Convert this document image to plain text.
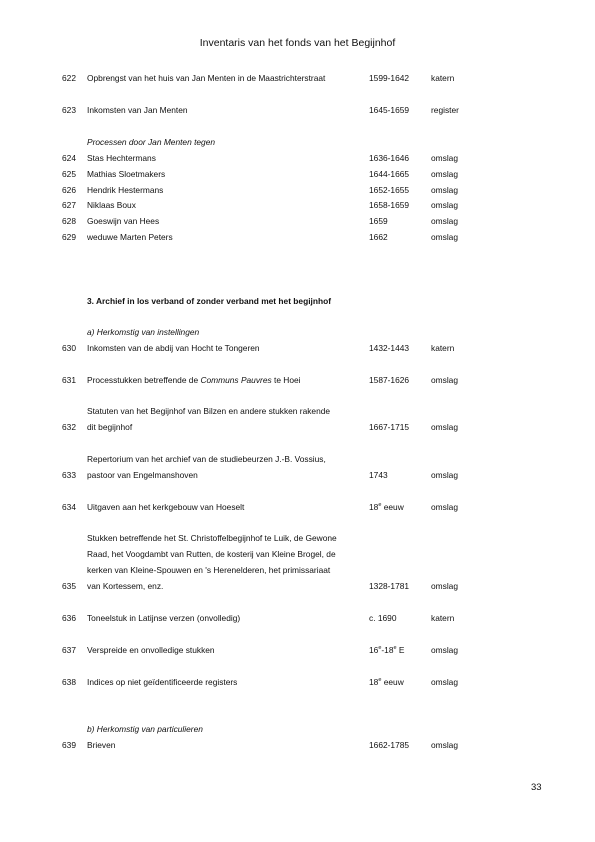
Inventaris van het fonds van het Begijnhof
622 Opbrengst van het huis van Jan Menten in de Maastrichterstraat	1599-1642	katern
623 Inkomsten van Jan Menten	1645-1659	register
Processen door Jan Menten tegen
624 Stas Hechtermans	1636-1646	omslag
625 Mathias Sloetmakers	1644-1665	omslag
626 Hendrik Hestermans	1652-1655	omslag
627 Niklaas Boux	1658-1659	omslag
628 Goeswijn van Hees	1659	omslag
629 weduwe Marten Peters	1662	omslag
3. Archief in los verband of zonder verband met het begijnhof
a) Herkomstig van instellingen
630 Inkomsten van de abdij van Hocht te Tongeren	1432-1443	katern
631 Processtukken betreffende de Communs Pauvres te Hoei	1587-1626	omslag
Statuten van het Begijnhof van Bilzen en andere stukken rakende
632 dit begijnhof	1667-1715	omslag
Repertorium van het archief van de studiebeurzen J.-B. Vossius,
633 pastoor van Engelmanshoven	1743	omslag
634 Uitgaven aan het kerkgebouw van Hoeselt	18e eeuw	omslag
Stukken betreffende het St. Christoffelbegijnhof te Luik, de Gewone
Raad, het Voogdambt van Rutten, de kosterij van Kleine Brogel, de
kerken van Kleine-Spouwen en 's Herenelderen, het primissariaat
635 van Kortessem, enz.	1328-1781	omslag
636 Toneelstuk in Latijnse verzen (onvolledig)	c. 1690	katern
637 Verspreide en onvolledige stukken	16e-18e E	omslag
638 Indices op niet geïdentificeerde registers	18e eeuw	omslag
b) Herkomstig van particulieren
639 Brieven	1662-1785	omslag
33
